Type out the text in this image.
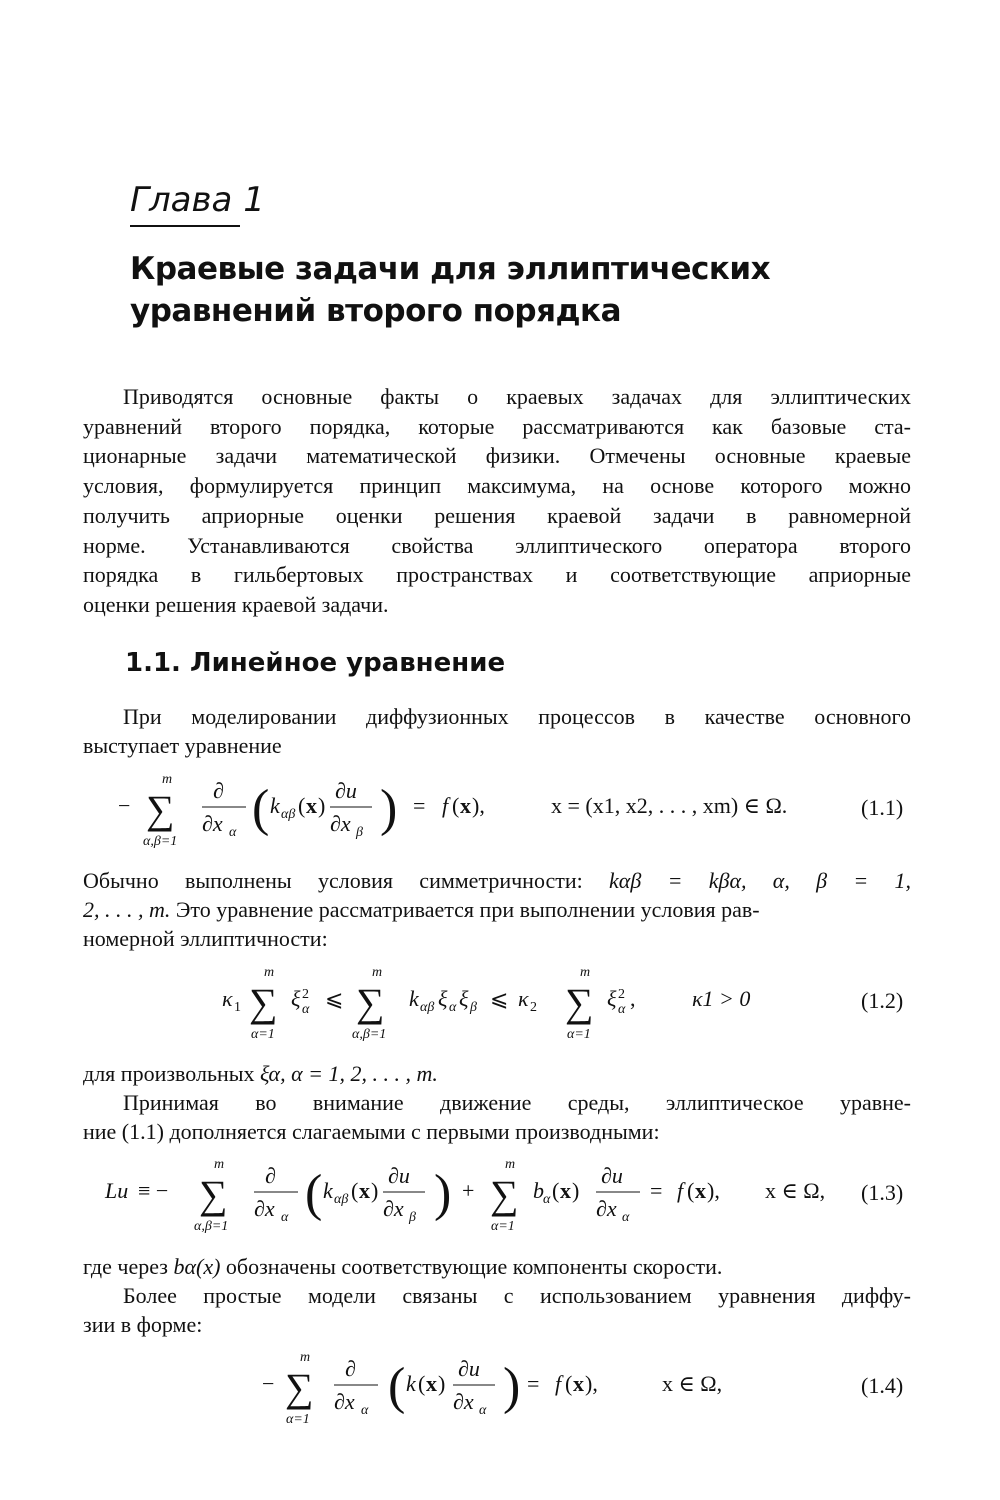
Глава 1
Краевые задачи для эллиптических
уравнений второго порядка
Приводятся основные факты о краевых задачах для эллиптических
уравнений второго порядка, которые рассматриваются как базовые ста-
ционарные задачи математической физики. Отмечены основные краевые
условия, формулируется принцип максимума, на основе которого можно
получить априорные оценки решения краевой задачи в равномерной
норме. Устанавливаются свойства эллиптического оператора второго
порядка в гильбертовых пространствах и соответствующие априорные
оценки решения краевой задачи.
1.1. Линейное уравнение
При моделировании диффузионных процессов в качестве основного
выступает уравнение
− ∑
m
α,β=1
∂
∂x α ( k αβ ( x )
∂u
∂x β ) = f ( x ),	x = (x1, x2, . . . , xm) ∈ Ω.	(1.1)
Обычно выполнены условия симметричности: kαβ = kβα, α, β = 1,
2, . . . , m. Это уравнение рассматривается при выполнении условия рав-
номерной эллиптичности:
κ 1 ∑
m
α=1
ξ 2
α ⩽ ∑
m
α,β=1
k αβ ξ α ξ β ⩽ κ 2 ∑
m
α=1
ξ 2
α ,	κ1 > 0	(1.2)
для произвольных ξα, α = 1, 2, . . . , m.
Принимая во внимание движение среды, эллиптическое уравне-
ние (1.1) дополняется слагаемыми с первыми производными:
Lu ≡ − ∑
m
α,β=1
∂
∂x α ( k αβ ( x )
∂u
∂x β ) + ∑
m
α=1
b α ( x )
∂u
∂x α
= f ( x ), x ∈ Ω, (1.3)
где через bα(x) обозначены соответствующие компоненты скорости.
Более простые модели связаны с использованием уравнения диффу-
зии в форме:
− ∑
m
α=1
∂
∂x α ( k ( x )
∂u
∂x α ) = f ( x ),	x ∈ Ω,	(1.4)
